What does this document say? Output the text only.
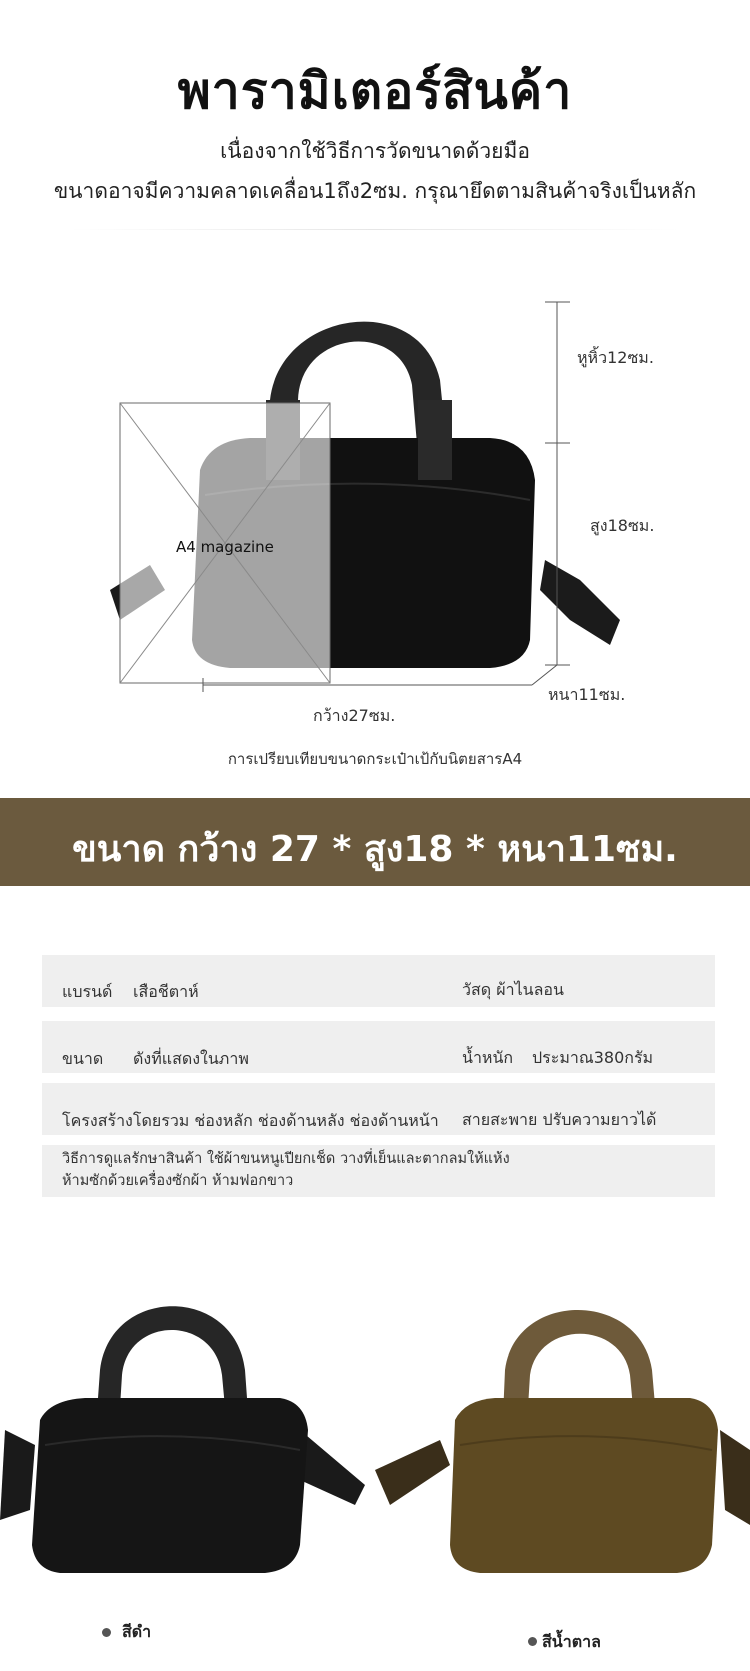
พารามิเตอร์สินค้า
เนื่องจากใช้วิธีการวัดขนาดด้วยมือ
ขนาดอาจมีความคลาดเคลื่อน1ถึง2ซม. กรุณายึดตามสินค้าจริงเป็นหลัก
หูหิ้ว12ซม.
สูง18ซม.
หนา11ซม.
กว้าง27ซม.
A4 magazine
การเปรียบเทียบขนาดกระเป๋าเป้กับนิตยสารA4
ขนาด กว้าง 27 * สูง18 * หนา11ซม.
แบรนด์ เสือชีตาห์	วัสดุ ผ้าไนลอน
ขนาด ดังที่แสดงในภาพ	น้ำหนัก ประมาณ380กรัม
โครงสร้างโดยรวม ช่องหลัก ช่องด้านหลัง ช่องด้านหน้า สายสะพาย ปรับความยาวได้
วิธีการดูแลรักษาสินค้า ใช้ผ้าขนหนูเปียกเช็ด วางที่เย็นและตากลมให้แห้ง
ห้ามซักด้วยเครื่องซักผ้า ห้ามฟอกขาว
สีดำ
สีน้ำตาล
